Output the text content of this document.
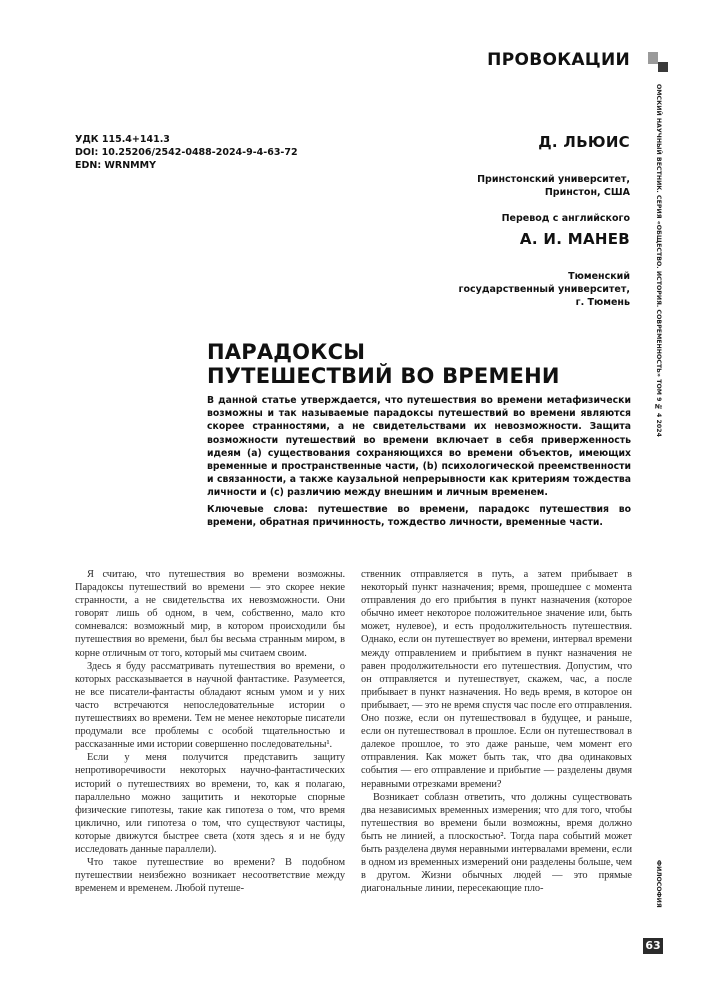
ПРОВОКАЦИИ
ОМСКИЙ НАУЧНЫЙ ВЕСТНИК. СЕРИЯ «ОБЩЕСТВО. ИСТОРИЯ. СОВРЕМЕННОСТЬ» ТОМ 9 № 4 2024
ФИЛОСОФИЯ
63
УДК 115.4+141.3
DOI: 10.25206/2542-0488-2024-9-4-63-72
EDN: WRNMMY
Д. ЛЬЮИС
Принстонский университет,
Принстон, США
Перевод с английского
А. И. МАНЕВ
Тюменский
государственный университет,
г. Тюмень
ПАРАДОКСЫ
ПУТЕШЕСТВИЙ ВО ВРЕМЕНИ

В данной статье утверждается, что путешествия во времени метафизически возможны и так называемые парадоксы путешествий во времени являются скорее странностями, а не свидетельствами их невозможности. Защита возможности путешествий во времени включает в себя приверженность идеям (a) существования сохраняющихся во времени объектов, имеющих временные и пространственные части, (b) психологической преемственности и связанности, а также каузальной непрерывности как критериям тождества личности и (c) различию между внешним и личным временем.

Ключевые слова: путешествие во времени, парадокс путешествия во времени, обратная причинность, тождество личности, временные части.

Я считаю, что путешествия во времени возможны. Парадоксы путешествий во времени — это скорее некие странности, а не свидетельства их невозможности. Они говорят лишь об одном, в чем, собственно, мало кто сомневался: возможный мир, в котором происходили бы путешествия во времени, был бы весьма странным миром, в корне отличным от того, который мы считаем своим.

Здесь я буду рассматривать путешествия во времени, о которых рассказывается в научной фантастике. Разумеется, не все писатели-фантасты обладают ясным умом и у них часто встречаются непоследовательные истории о путешествиях во времени. Тем не менее некоторые писатели продумали все проблемы с особой тщательностью и рассказанные ими истории совершенно последовательны¹.

Если у меня получится представить защиту непротиворечивости некоторых научно-фантастических историй о путешествиях во времени, то, как я полагаю, параллельно можно защитить и некоторые спорные физические гипотезы, такие как гипотеза о том, что время циклично, или гипотеза о том, что существуют частицы, которые движутся быстрее света (хотя здесь я и не буду исследовать данные параллели).

Что такое путешествие во времени? В подобном путешествии неизбежно возникает несоответствие между временем и временем. Любой путеше-

ственник отправляется в путь, а затем прибывает в некоторый пункт назначения; время, прошедшее с момента отправления до его прибытия в пункт назначения (которое обычно имеет некоторое положительное значение или, быть может, нулевое), и есть продолжительность путешествия. Однако, если он путешествует во времени, интервал времени между отправлением и прибытием в пункт назначения не равен продолжительности его путешествия. Допустим, что он отправляется и путешествует, скажем, час, а после прибывает в пункт назначения. Но ведь время, в которое он прибывает, — это не время спустя час после его отправления. Оно позже, если он путешествовал в будущее, и раньше, если он путешествовал в прошлое. Если он путешествовал в далекое прошлое, то это даже раньше, чем момент его отправления. Как может быть так, что два одинаковых события — его отправление и прибытие — разделены двумя неравными отрезками времени?

Возникает соблазн ответить, что должны существовать два независимых временных измерения; что для того, чтобы путешествия во времени были возможны, время должно быть не линией, а плоскостью². Тогда пара событий может быть разделена двумя неравными интервалами времени, если в одном из временных измерений они разделены больше, чем в другом. Жизни обычных людей — это прямые диагональные линии, пересекающие пло-
